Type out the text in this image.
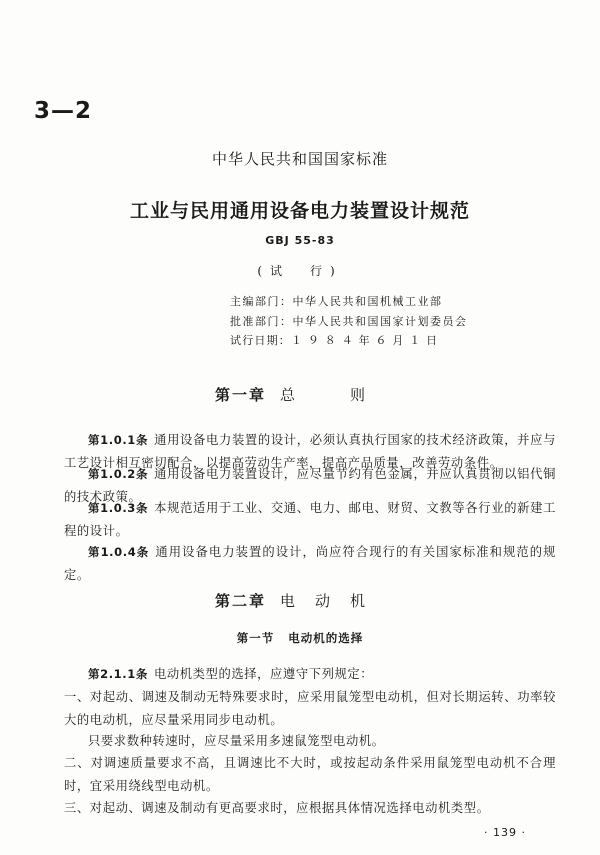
3—2
中华人民共和国国家标准
工业与民用通用设备电力装置设计规范
GBJ 55-83
(试　行)
主编部门：中华人民共和国机械工业部
批准部门：中华人民共和国国家计划委员会
试行日期：１ ９ ８ ４ 年 ６ 月 １ 日
第一章 总　则
第1.0.1条 通用设备电力装置的设计，必须认真执行国家的技术经济政策，并应与工艺设计相互密切配合，以提高劳动生产率，提高产品质量，改善劳动条件。
第1.0.2条 通用设备电力装置设计，应尽量节约有色金属，并应认真贯彻以铝代铜的技术政策。
第1.0.3条 本规范适用于工业、交通、电力、邮电、财贸、文教等各行业的新建工程的设计。
第1.0.4条 通用设备电力装置的设计，尚应符合现行的有关国家标准和规范的规定。
第二章 电动机
第一节 电动机的选择
第2.1.1条 电动机类型的选择，应遵守下列规定：
一、对起动、调速及制动无特殊要求时，应采用鼠笼型电动机，但对长期运转、功率较大的电动机，应尽量采用同步电动机。
只要求数种转速时，应尽量采用多速鼠笼型电动机。
二、对调速质量要求不高，且调速比不大时，或按起动条件采用鼠笼型电动机不合理时，宜采用绕线型电动机。
三、对起动、调速及制动有更高要求时，应根据具体情况选择电动机类型。
· 139 ·
